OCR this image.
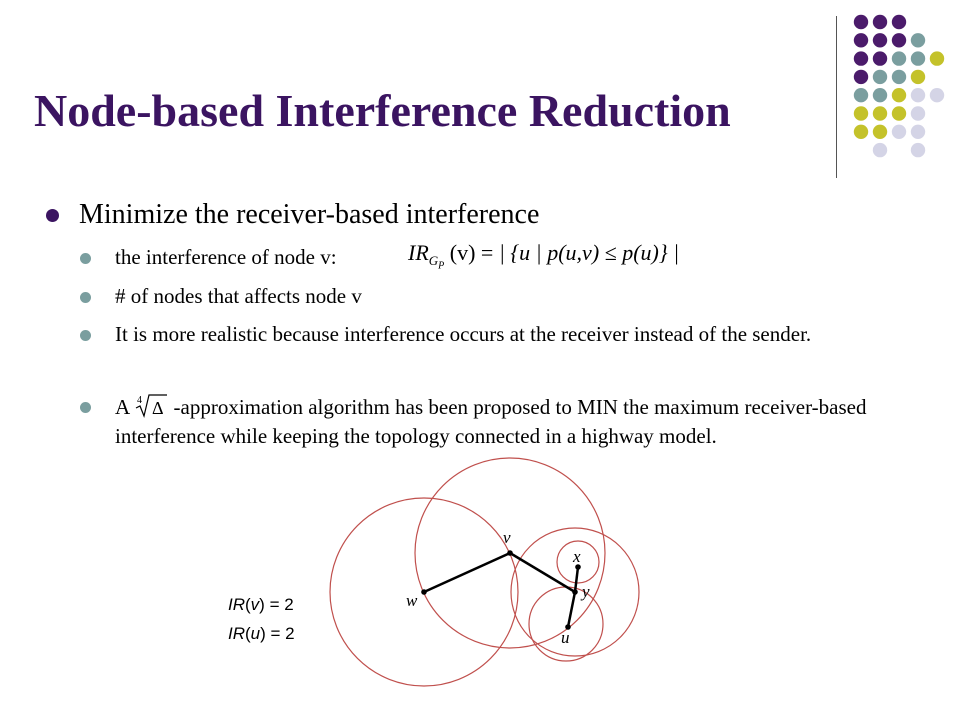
Node-based Interference Reduction
Minimize the receiver-based interference
the interference of node v:	$IR_{G_P}$ (v) = | {u | p(u,v) ≤ p(u)} |
# of nodes that affects node v
It is more realistic because interference occurs at the receiver instead of the sender.
A 4 Δ -approximation algorithm has been proposed to MIN the maximum receiver-based interference while keeping the topology connected in a highway model.
v
w
x
y
u
IR(v) = 2
IR(u) = 2
